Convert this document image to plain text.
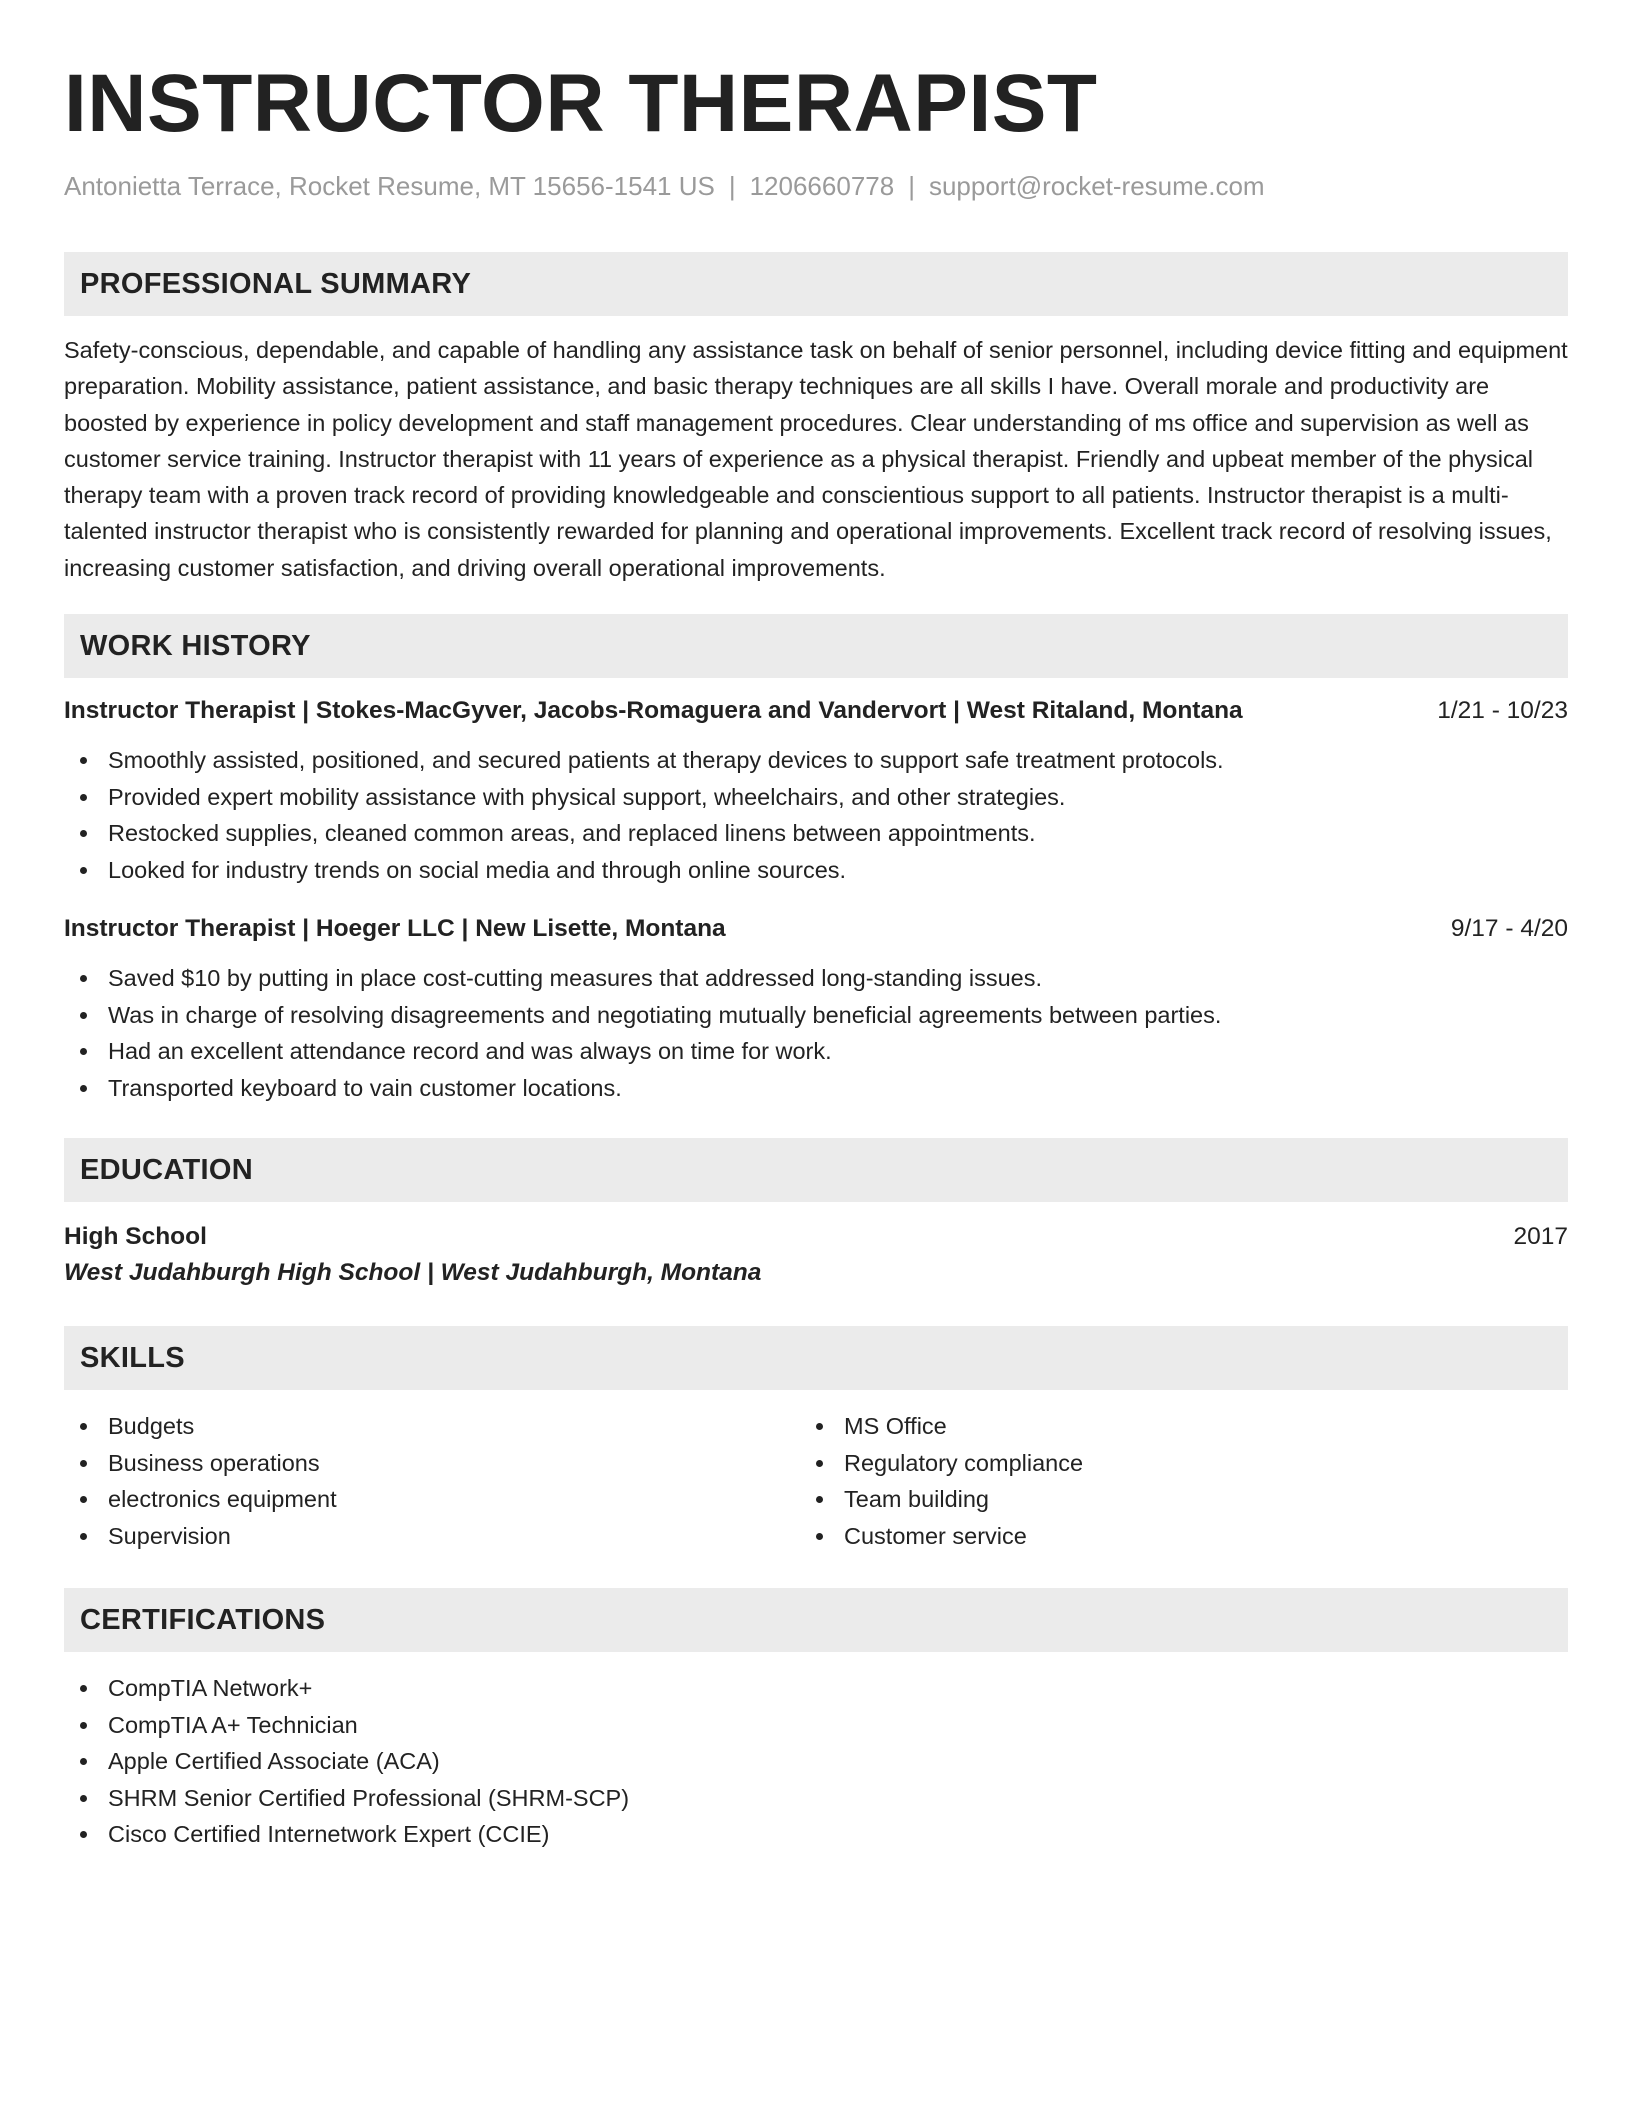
INSTRUCTOR THERAPIST
Antonietta Terrace, Rocket Resume, MT 15656-1541 US | 1206660778 | support@rocket-resume.com
PROFESSIONAL SUMMARY
Safety-conscious, dependable, and capable of handling any assistance task on behalf of senior personnel, including device fitting and equipment preparation. Mobility assistance, patient assistance, and basic therapy techniques are all skills I have. Overall morale and productivity are boosted by experience in policy development and staff management procedures. Clear understanding of ms office and supervision as well as customer service training. Instructor therapist with 11 years of experience as a physical therapist. Friendly and upbeat member of the physical therapy team with a proven track record of providing knowledgeable and conscientious support to all patients. Instructor therapist is a multi-talented instructor therapist who is consistently rewarded for planning and operational improvements. Excellent track record of resolving issues, increasing customer satisfaction, and driving overall operational improvements.
WORK HISTORY
Instructor Therapist | Stokes-MacGyver, Jacobs-Romaguera and Vandervort | West Ritaland, Montana	1/21 - 10/23
Smoothly assisted, positioned, and secured patients at therapy devices to support safe treatment protocols.
Provided expert mobility assistance with physical support, wheelchairs, and other strategies.
Restocked supplies, cleaned common areas, and replaced linens between appointments.
Looked for industry trends on social media and through online sources.
Instructor Therapist | Hoeger LLC | New Lisette, Montana	9/17 - 4/20
Saved $10 by putting in place cost-cutting measures that addressed long-standing issues.
Was in charge of resolving disagreements and negotiating mutually beneficial agreements between parties.
Had an excellent attendance record and was always on time for work.
Transported keyboard to vain customer locations.
EDUCATION
High School	2017
West Judahburgh High School | West Judahburgh, Montana
SKILLS
Budgets
Business operations
electronics equipment
Supervision
MS Office
Regulatory compliance
Team building
Customer service
CERTIFICATIONS
CompTIA Network+
CompTIA A+ Technician
Apple Certified Associate (ACA)
SHRM Senior Certified Professional (SHRM-SCP)
Cisco Certified Internetwork Expert (CCIE)
